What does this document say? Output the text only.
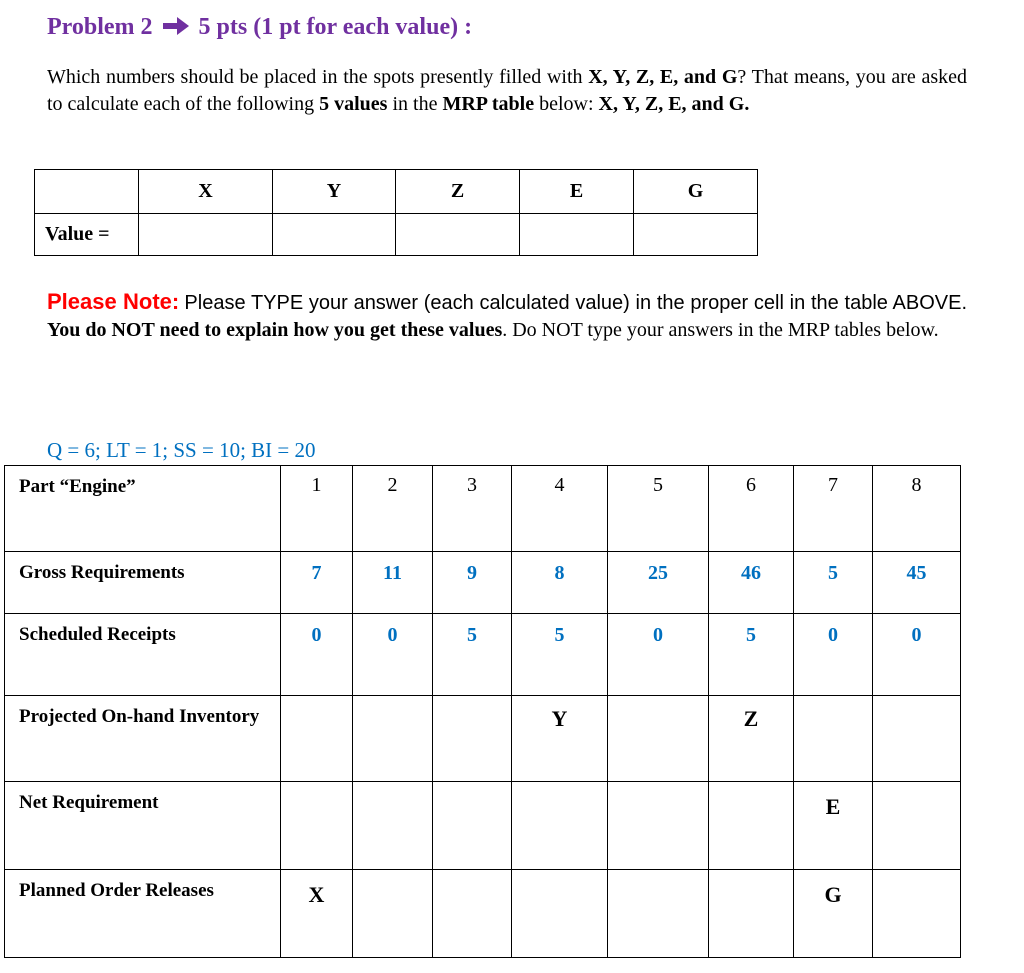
Problem 2 5 pts (1 pt for each value) :
Which numbers should be placed in the spots presently filled with X, Y, Z, E, and G? That means, you are asked to calculate each of the following 5 values in the MRP table below: X, Y, Z, E, and G.
	X	Y	Z	E	G
Value =					
Please Note: Please TYPE your answer (each calculated value) in the proper cell in the table ABOVE. You do NOT need to explain how you get these values. Do NOT type your answers in the MRP tables below.
Q = 6; LT = 1; SS = 10; BI = 20
Part “Engine”	1	2	3	4	5	6	7	8
Gross Requirements	7	11	9	8	25	46	5	45
Scheduled Receipts	0	0	5	5	0	5	0	0
Projected On-hand Inventory				Y		Z		
Net Requirement							E	
Planned Order Releases	X						G	
